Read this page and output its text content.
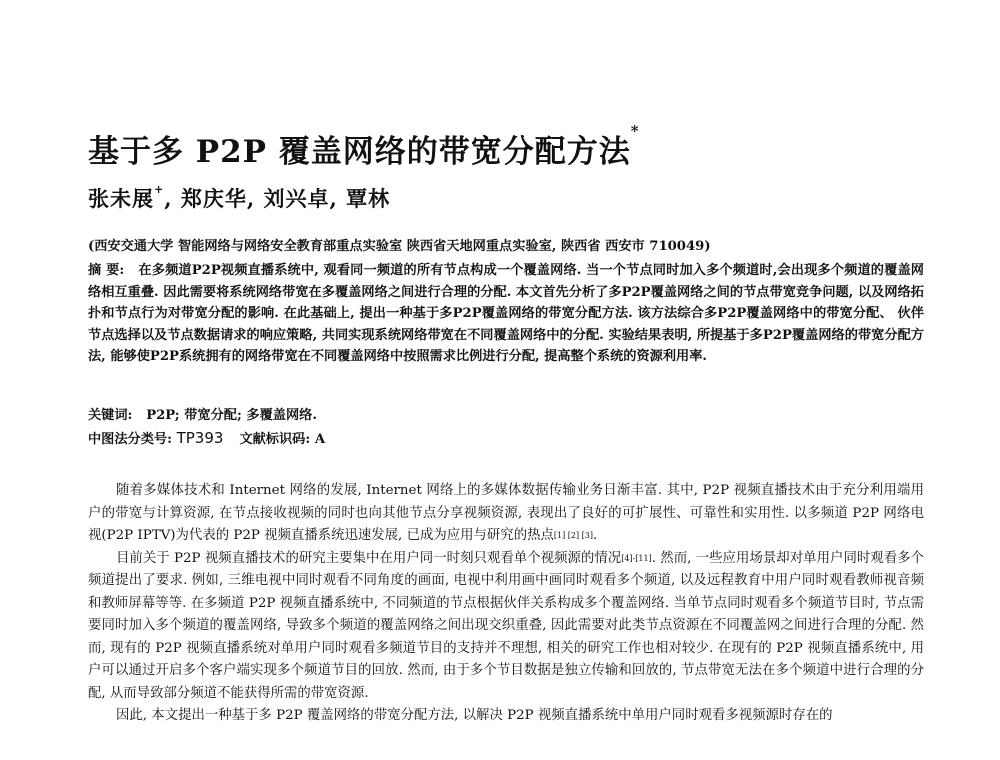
基于多 P2P 覆盖网络的带宽分配方法*
张未展+, 郑庆华, 刘兴卓, 覃林
(西安交通大学 智能网络与网络安全教育部重点实验室 陕西省天地网重点实验室, 陕西省 西安市 710049)
摘 要: 在多频道P2P视频直播系统中, 观看同一频道的所有节点构成一个覆盖网络. 当一个节点同时加入多个频道时,会出现多个频道的覆盖网络相互重叠. 因此需要将系统网络带宽在多覆盖网络之间进行合理的分配. 本文首先分析了多P2P覆盖网络之间的节点带宽竞争问题, 以及网络拓扑和节点行为对带宽分配的影响. 在此基础上, 提出一种基于多P2P覆盖网络的带宽分配方法. 该方法综合多P2P覆盖网络中的带宽分配、 伙伴节点选择以及节点数据请求的响应策略, 共同实现系统网络带宽在不同覆盖网络中的分配. 实验结果表明, 所提基于多P2P覆盖网络的带宽分配方法, 能够使P2P系统拥有的网络带宽在不同覆盖网络中按照需求比例进行分配, 提高整个系统的资源利用率.
关键词: P2P; 带宽分配; 多覆盖网络.
中图法分类号: TP393 文献标识码: A

随着多媒体技术和 Internet 网络的发展, Internet 网络上的多媒体数据传输业务日渐丰富. 其中, P2P 视频直播技术由于充分利用端用户的带宽与计算资源, 在节点接收视频的同时也向其他节点分享视频资源, 表现出了良好的可扩展性、可靠性和实用性. 以多频道 P2P 网络电视(P2P IPTV)为代表的 P2P 视频直播系统迅速发展, 已成为应用与研究的热点[1] [2] [3].

目前关于 P2P 视频直播技术的研究主要集中在用户同一时刻只观看单个视频源的情况[4]-[11]. 然而, 一些应用场景却对单用户同时观看多个频道提出了要求. 例如, 三维电视中同时观看不同角度的画面, 电视中利用画中画同时观看多个频道, 以及远程教育中用户同时观看教师视音频和教师屏幕等等. 在多频道 P2P 视频直播系统中, 不同频道的节点根据伙伴关系构成多个覆盖网络. 当单节点同时观看多个频道节目时, 节点需要同时加入多个频道的覆盖网络, 导致多个频道的覆盖网络之间出现交织重叠, 因此需要对此类节点资源在不同覆盖网之间进行合理的分配. 然而, 现有的 P2P 视频直播系统对单用户同时观看多频道节目的支持并不理想, 相关的研究工作也相对较少. 在现有的 P2P 视频直播系统中, 用户可以通过开启多个客户端实现多个频道节目的回放. 然而, 由于多个节目数据是独立传输和回放的, 节点带宽无法在多个频道中进行合理的分配, 从而导致部分频道不能获得所需的带宽资源.

因此, 本文提出一种基于多 P2P 覆盖网络的带宽分配方法, 以解决 P2P 视频直播系统中单用户同时观看多视频源时存在的
